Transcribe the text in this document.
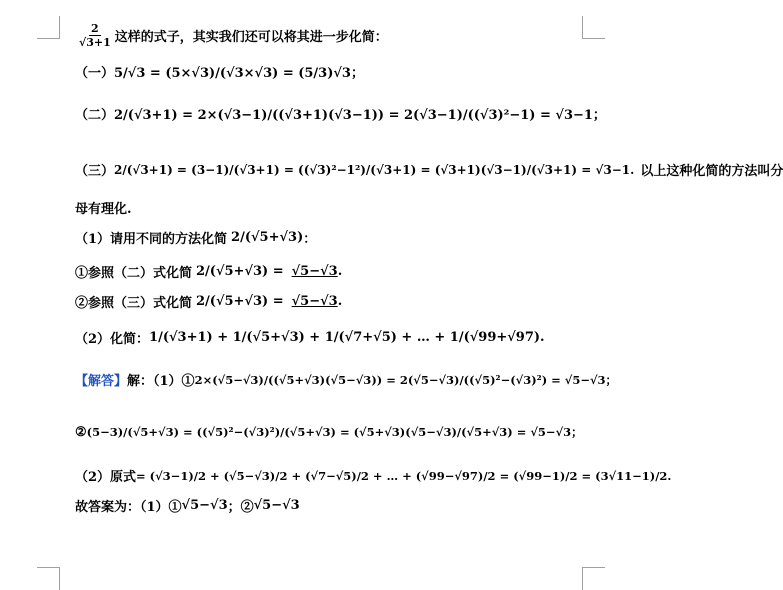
$\frac{2}{√3+1}$ 这样的式子，其实我们还可以将其进一步化简：
（一） 5/√3 = (5×√3)/(√3×√3) = (5/3)√3；
（二） 2/(√3+1) = 2×(√3−1)/((√3+1)(√3−1)) = 2(√3−1)/((√3)²−1) = √3−1；
（三） 2/(√3+1) = (3−1)/(√3+1) = ((√3)²−1²)/(√3+1) = (√3+1)(√3−1)/(√3+1) = √3−1. 以上这种化简的方法叫分
母有理化.
（1）请用不同的方法化简 2/(√5+√3) ：
①参照（二）式化简 2/(√5+√3) = √5−√3 .
②参照（三）式化简 2/(√5+√3) = √5−√3 .
（2）化简： 1/(√3+1) + 1/(√5+√3) + 1/(√7+√5) + … + 1/(√99+√97).
【解答】 解：（1）① 2×(√5−√3)/((√5+√3)(√5−√3)) = 2(√5−√3)/((√5)²−(√3)²) = √5−√3；
② (5−3)/(√5+√3) = ((√5)²−(√3)²)/(√5+√3) = (√5+√3)(√5−√3)/(√5+√3) = √5−√3；
（2）原式 = (√3−1)/2 + (√5−√3)/2 + (√7−√5)/2 + … + (√99−√97)/2 = (√99−1)/2 = (3√11−1)/2.
故答案为：（1）① √5−√3 ；② √5−√3
